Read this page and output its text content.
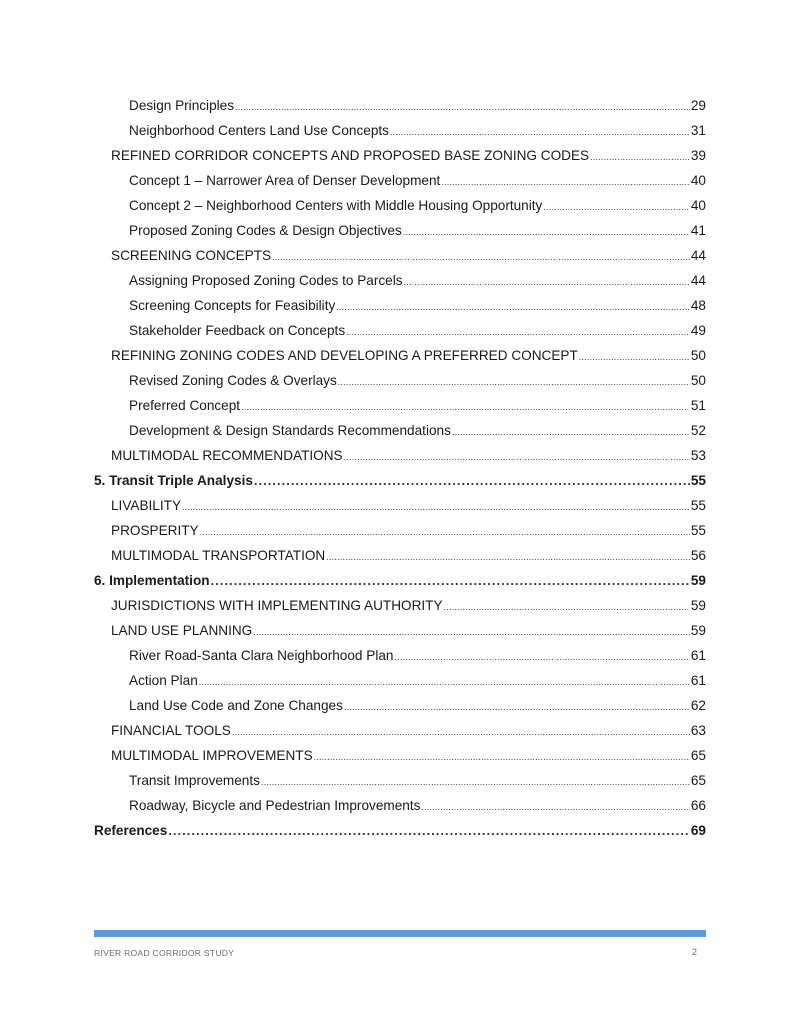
Design Principles .....	29
Neighborhood Centers Land Use Concepts .....	31
REFINED CORRIDOR CONCEPTS AND PROPOSED BASE ZONING CODES .....	39
Concept 1 – Narrower Area of Denser Development .....	40
Concept 2 – Neighborhood Centers with Middle Housing Opportunity .....	40
Proposed Zoning Codes & Design Objectives .....	41
SCREENING CONCEPTS .....	44
Assigning Proposed Zoning Codes to Parcels .....	44
Screening Concepts for Feasibility .....	48
Stakeholder Feedback on Concepts .....	49
REFINING ZONING CODES AND DEVELOPING A PREFERRED CONCEPT .....	50
Revised Zoning Codes & Overlays .....	50
Preferred Concept .....	51
Development & Design Standards Recommendations .....	52
MULTIMODAL RECOMMENDATIONS .....	53
5. Transit Triple Analysis .....	55
LIVABILITY .....	55
PROSPERITY .....	55
MULTIMODAL TRANSPORTATION .....	56
6. Implementation .....	59
JURISDICTIONS WITH IMPLEMENTING AUTHORITY .....	59
LAND USE PLANNING .....	59
River Road-Santa Clara Neighborhood Plan .....	61
Action Plan .....	61
Land Use Code and Zone Changes .....	62
FINANCIAL TOOLS .....	63
MULTIMODAL IMPROVEMENTS .....	65
Transit Improvements .....	65
Roadway, Bicycle and Pedestrian Improvements .....	66
References .....	69
RIVER ROAD CORRIDOR STUDY	2
